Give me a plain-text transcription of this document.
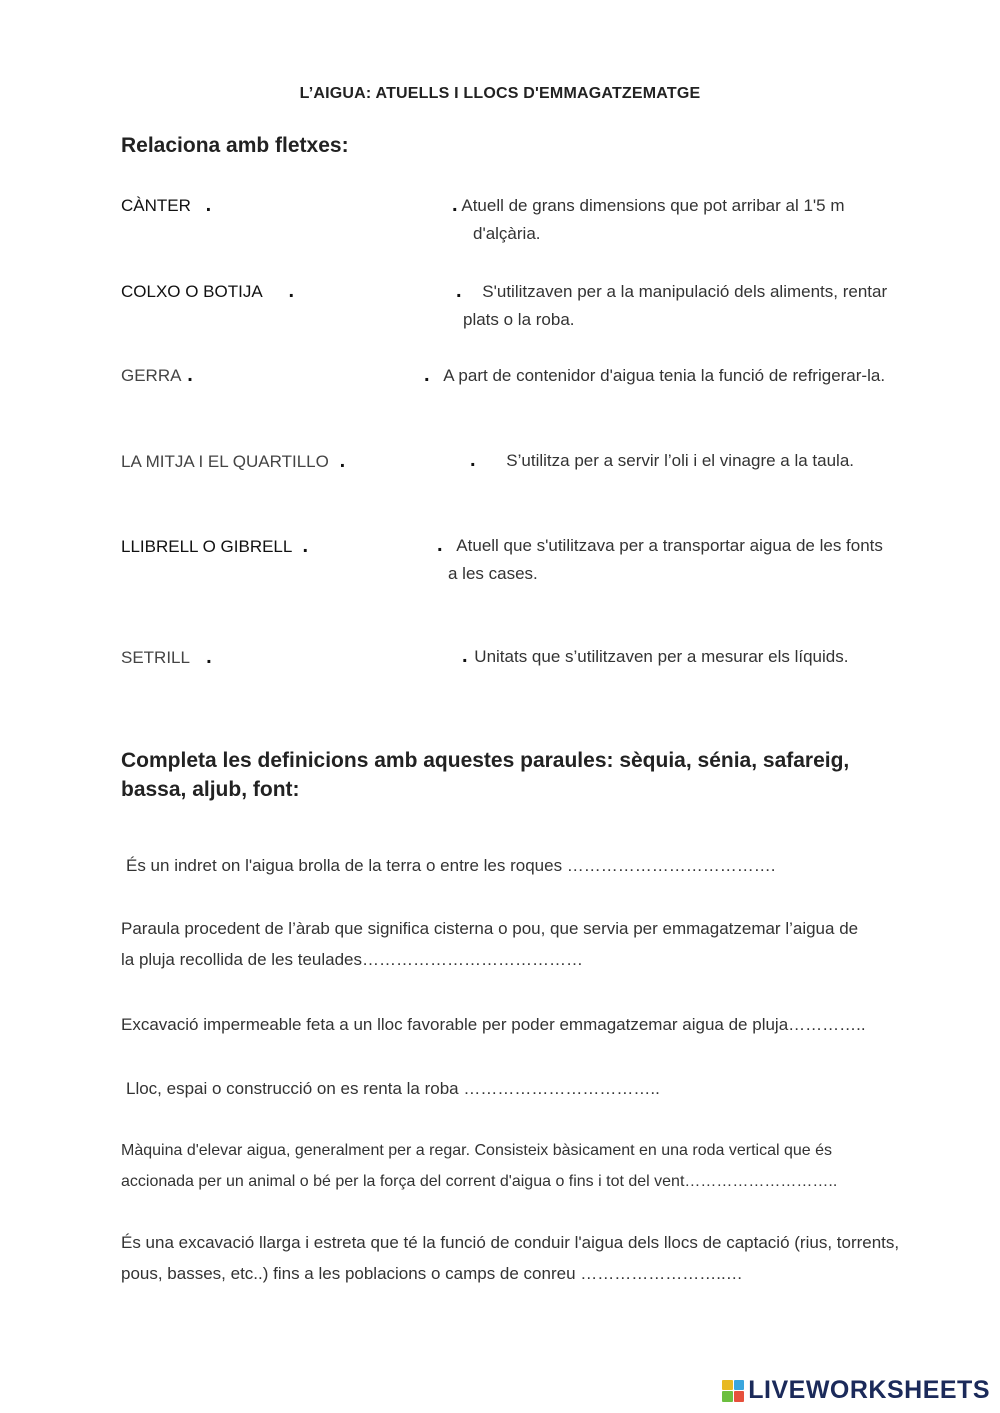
L’AIGUA: ATUELLS I LLOCS D'EMMAGATZEMATGE
Relaciona amb fletxes:
CÀNTER .
COLXO O BOTIJA .
GERRA .
LA MITJA I EL QUARTILLO .
LLIBRELL O GIBRELL .
SETRILL .
. Atuell de grans dimensions que pot arribar al 1'5 m
d'alçària.
. S'utilitzaven per a la manipulació dels aliments, rentar
plats o la roba.
. A part de contenidor d'aigua tenia la funció de refrigerar-la.
. S’utilitza per a servir l’oli i el vinagre a la taula.
. Atuell que s'utilitzava per a transportar aigua de les fonts
a les cases.
. Unitats que s’utilitzaven per a mesurar els líquids.
Completa les definicions amb aquestes paraules: sèquia, sénia, safareig,
bassa, aljub, font:
És un indret on l'aigua brolla de la terra o entre les roques ……………………………….
Paraula procedent de l’àrab que significa cisterna o pou, que servia per emmagatzemar l’aigua de
la pluja recollida de les teulades…………………………………
Excavació impermeable feta a un lloc favorable per poder emmagatzemar aigua de pluja…………..
Lloc, espai o construcció on es renta la roba ……………………………..
Màquina d'elevar aigua, generalment per a regar. Consisteix bàsicament en una roda vertical que és
accionada per un animal o bé per la força del corrent d'aigua o fins i tot del vent………………………..
És una excavació llarga i estreta que té la funció de conduir l'aigua dels llocs de captació (rius, torrents,
pous, basses, etc..) fins a les poblacions o camps de conreu ……………………..…
LIVEWORKSHEETS
